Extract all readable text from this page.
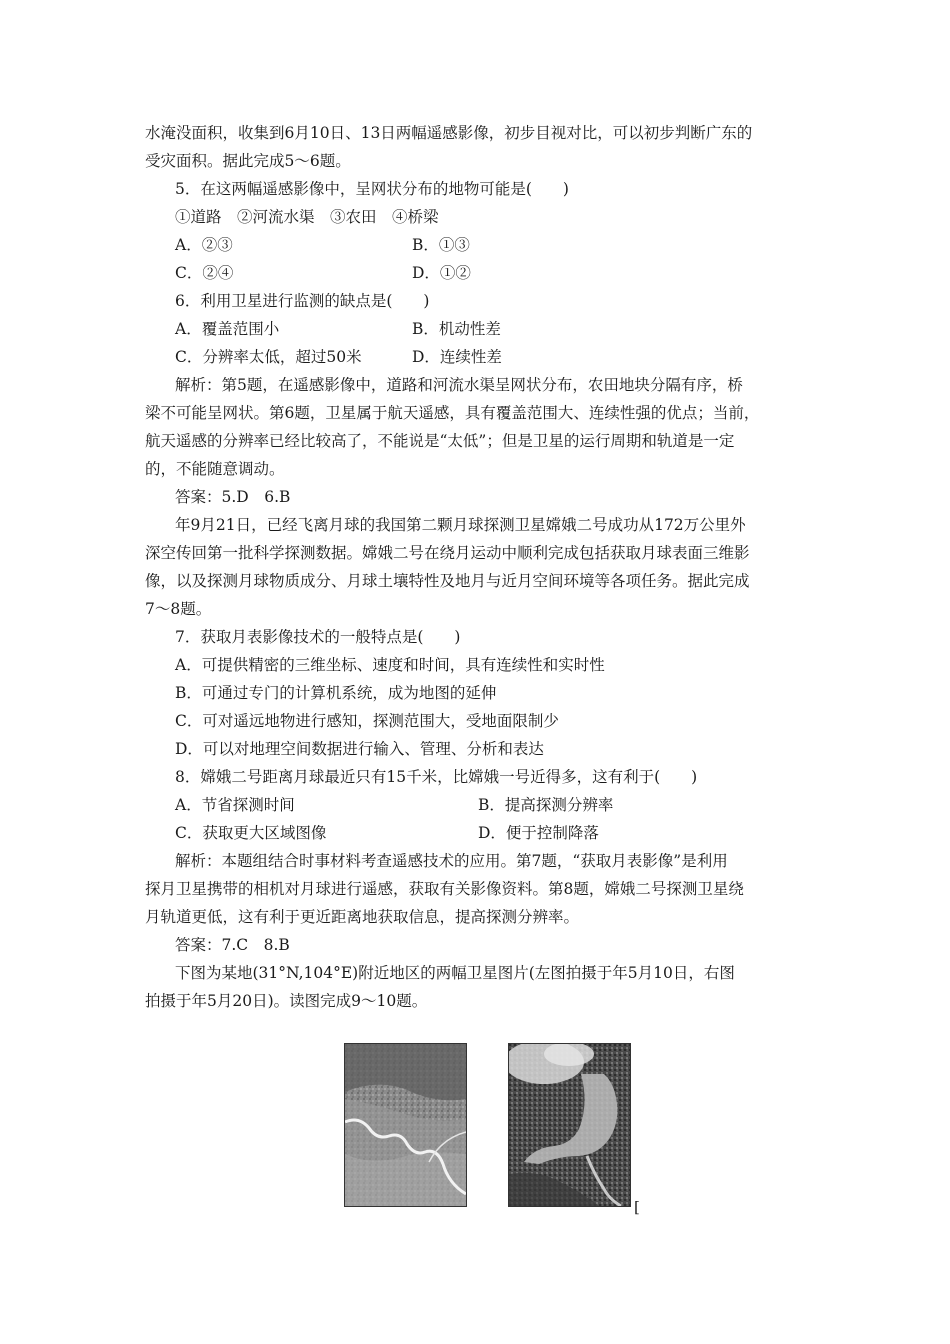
水淹没面积，收集到6月10日、13日两幅遥感影像，初步目视对比，可以初步判断广东的
受灾面积。据此完成5～6题。
5．在这两幅遥感影像中，呈网状分布的地物可能是(　　)
①道路　②河流水渠　③农田　④桥梁
A．②③	B．①③
C．②④	D．①②
6．利用卫星进行监测的缺点是(　　)
A．覆盖范围小	B．机动性差
C．分辨率太低，超过50米	D．连续性差
解析：第5题，在遥感影像中，道路和河流水渠呈网状分布，农田地块分隔有序，桥
梁不可能呈网状。第6题，卫星属于航天遥感，具有覆盖范围大、连续性强的优点；当前，
航天遥感的分辨率已经比较高了，不能说是“太低”；但是卫星的运行周期和轨道是一定
的，不能随意调动。
答案：5.D　6.B
年9月21日，已经飞离月球的我国第二颗月球探测卫星嫦娥二号成功从172万公里外
深空传回第一批科学探测数据。嫦娥二号在绕月运动中顺利完成包括获取月球表面三维影
像，以及探测月球物质成分、月球土壤特性及地月与近月空间环境等各项任务。据此完成
7～8题。
7．获取月表影像技术的一般特点是(　　)
A．可提供精密的三维坐标、速度和时间，具有连续性和实时性
B．可通过专门的计算机系统，成为地图的延伸
C．可对遥远地物进行感知，探测范围大，受地面限制少
D．可以对地理空间数据进行输入、管理、分析和表达
8．嫦娥二号距离月球最近只有15千米，比嫦娥一号近得多，这有利于(　　)
A．节省探测时间	B．提高探测分辨率
C．获取更大区域图像	D．便于控制降落
解析：本题组结合时事材料考查遥感技术的应用。第7题，“获取月表影像”是利用
探月卫星携带的相机对月球进行遥感，获取有关影像资料。第8题，嫦娥二号探测卫星绕
月轨道更低，这有利于更近距离地获取信息，提高探测分辨率。
答案：7.C　8.B
下图为某地(31°N,104°E)附近地区的两幅卫星图片(左图拍摄于年5月10日，右图
拍摄于年5月20日)。读图完成9～10题。
[
